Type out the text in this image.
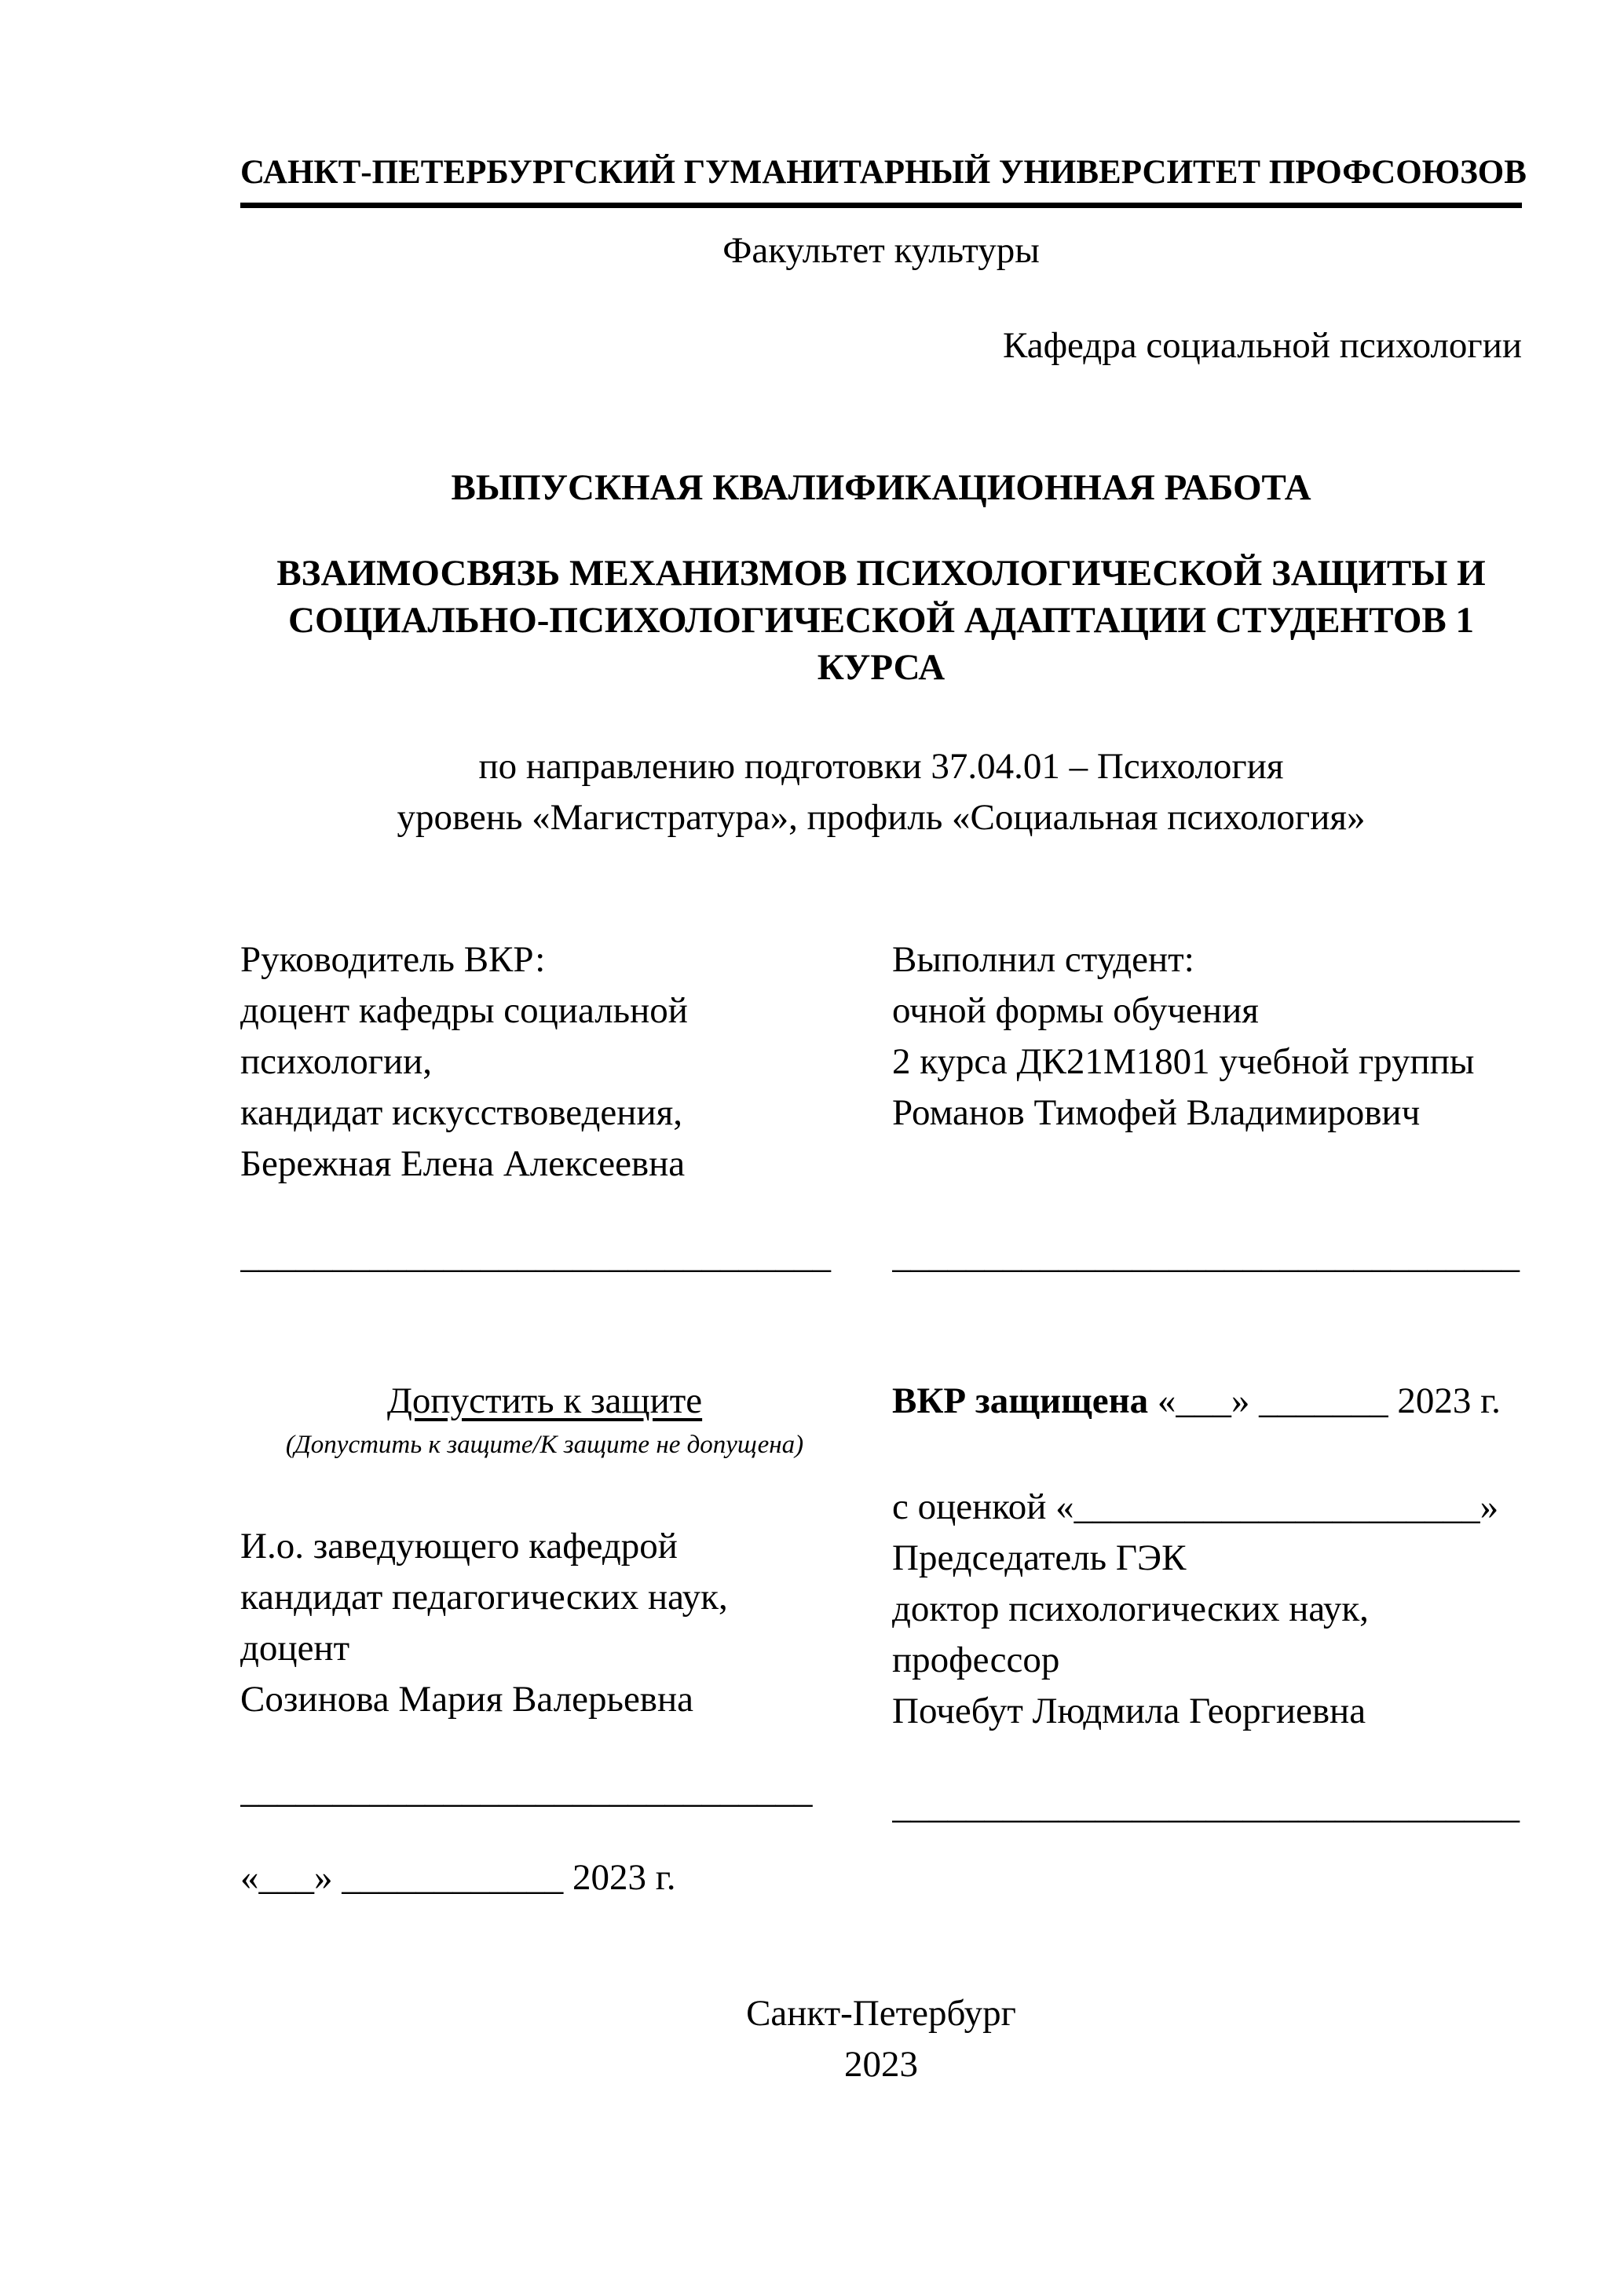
САНКТ-ПЕТЕРБУРГСКИЙ ГУМАНИТАРНЫЙ УНИВЕРСИТЕТ ПРОФСОЮЗОВ
Факультет культуры
Кафедра социальной психологии
ВЫПУСКНАЯ КВАЛИФИКАЦИОННАЯ РАБОТА
ВЗАИМОСВЯЗЬ МЕХАНИЗМОВ ПСИХОЛОГИЧЕСКОЙ ЗАЩИТЫ И СОЦИАЛЬНО-ПСИХОЛОГИЧЕСКОЙ АДАПТАЦИИ СТУДЕНТОВ 1 КУРСА
по направлению подготовки 37.04.01 – Психология
уровень «Магистратура», профиль «Социальная психология»
Руководитель ВКР:
доцент кафедры социальной
психологии,
кандидат искусствоведения,
Бережная Елена Алексеевна
Выполнил студент:
очной формы обучения
2 курса ДК21М1801 учебной группы
Романов Тимофей Владимирович
________________________________	__________________________________
Допустить к защите
(Допустить к защите/К защите не допущена)
И.о. заведующего кафедрой
кандидат педагогических наук,
доцент
Созинова Мария Валерьевна
ВКР защищена «___» _______ 2023 г.
с оценкой «______________________»
Председатель ГЭК
доктор психологических наук,
профессор
Почебут Людмила Георгиевна
_______________________________
«___» ____________ 2023 г.
__________________________________
Санкт-Петербург
2023
